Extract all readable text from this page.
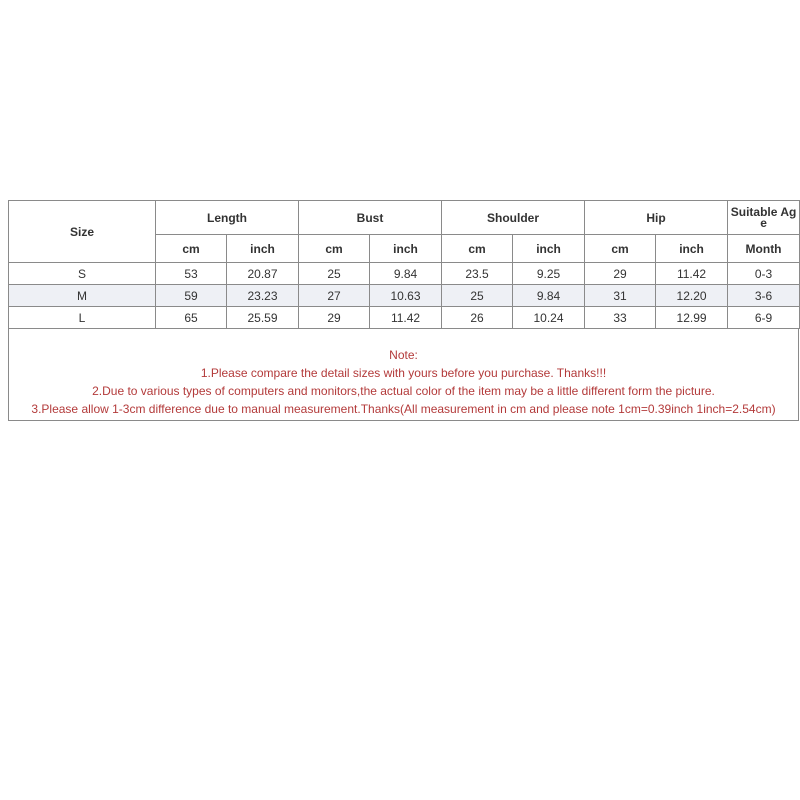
Size	Length		Bust		Shoulder		Hip		Suitable Age
	cm	inch	cm	inch	cm	inch	cm	inch	Month
S	53	20.87	25	9.84	23.5	9.25	29	11.42	0-3
M	59	23.23	27	10.63	25	9.84	31	12.20	3-6
L	65	25.59	29	11.42	26	10.24	33	12.99	6-9
Note:
1.Please compare the detail sizes with yours before you purchase. Thanks!!!
2.Due to various types of computers and monitors,the actual color of the item may be a little different form the picture.
3.Please allow 1-3cm difference due to manual measurement.Thanks(All measurement in cm and please note 1cm=0.39inch 1inch=2.54cm)
